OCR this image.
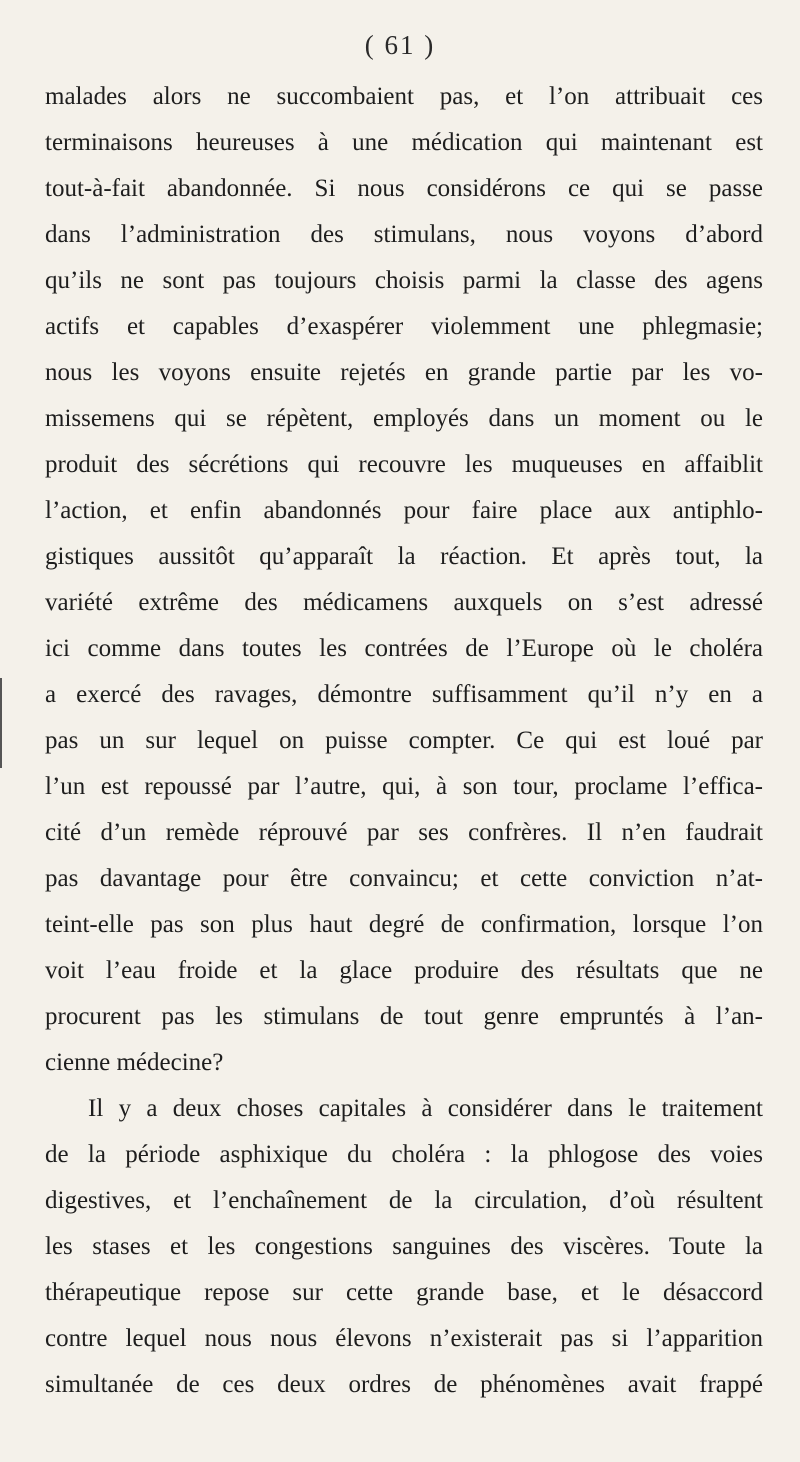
( 61 )
malades alors ne succombaient pas, et l’on attribuait ces
terminaisons heureuses à une médication qui maintenant est
tout-à-fait abandonnée. Si nous considérons ce qui se passe
dans l’administration des stimulans, nous voyons d’abord
qu’ils ne sont pas toujours choisis parmi la classe des agens
actifs et capables d’exaspérer violemment une phlegmasie;
nous les voyons ensuite rejetés en grande partie par les vo-
missemens qui se répètent, employés dans un moment ou le
produit des sécrétions qui recouvre les muqueuses en affaiblit
l’action, et enfin abandonnés pour faire place aux antiphlo-
gistiques aussitôt qu’apparaît la réaction. Et après tout, la
variété extrême des médicamens auxquels on s’est adressé
ici comme dans toutes les contrées de l’Europe où le choléra
a exercé des ravages, démontre suffisamment qu’il n’y en a
pas un sur lequel on puisse compter. Ce qui est loué par
l’un est repoussé par l’autre, qui, à son tour, proclame l’effica-
cité d’un remède réprouvé par ses confrères. Il n’en faudrait
pas davantage pour être convaincu; et cette conviction n’at-
teint-elle pas son plus haut degré de confirmation, lorsque l’on
voit l’eau froide et la glace produire des résultats que ne
procurent pas les stimulans de tout genre empruntés à l’an-
cienne médecine?
Il y a deux choses capitales à considérer dans le traitement
de la période asphixique du choléra : la phlogose des voies
digestives, et l’enchaînement de la circulation, d’où résultent
les stases et les congestions sanguines des viscères. Toute la
thérapeutique repose sur cette grande base, et le désaccord
contre lequel nous nous élevons n’existerait pas si l’apparition
simultanée de ces deux ordres de phénomènes avait frappé
